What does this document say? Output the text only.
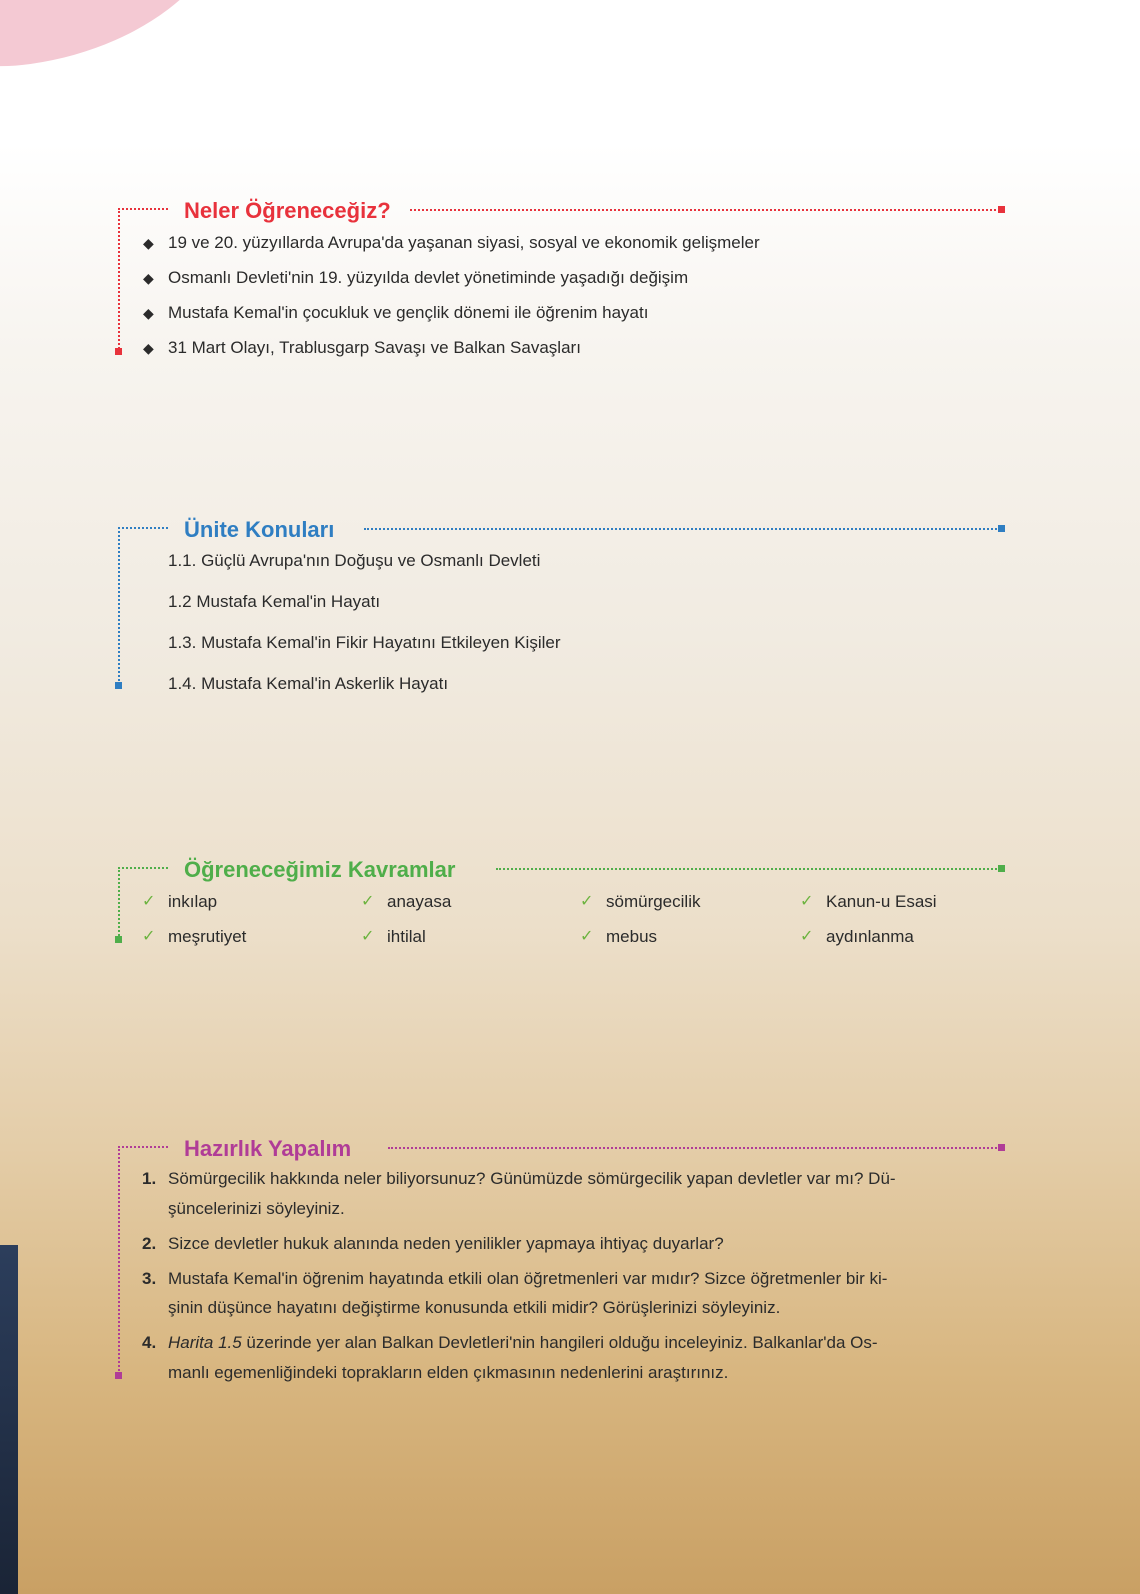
Neler Öğreneceğiz?
◆ 19 ve 20. yüzyıllarda Avrupa'da yaşanan siyasi, sosyal ve ekonomik gelişmeler

◆ Osmanlı Devleti'nin 19. yüzyılda devlet yönetiminde yaşadığı değişim

◆ Mustafa Kemal'in çocukluk ve gençlik dönemi ile öğrenim hayatı

◆ 31 Mart Olayı, Trablusgarp Savaşı ve Balkan Savaşları

Ünite Konuları

1.1. Güçlü Avrupa'nın Doğuşu ve Osmanlı Devleti

1.2 Mustafa Kemal'in Hayatı

1.3. Mustafa Kemal'in Fikir Hayatını Etkileyen Kişiler

1.4. Mustafa Kemal'in Askerlik Hayatı

Öğreneceğimiz Kavramlar
✓ inkılap	✓ anayasa	✓ sömürgecilik	✓ Kanun-u Esasi
✓ meşrutiyet	✓ ihtilal	✓ mebus	✓ aydınlanma
Hazırlık Yapalım
1. Sömürgecilik hakkında neler biliyorsunuz? Günümüzde sömürgecilik yapan devletler var mı? Dü-

şüncelerinizi söyleyiniz.

2. Sizce devletler hukuk alanında neden yenilikler yapmaya ihtiyaç duyarlar?

3. Mustafa Kemal'in öğrenim hayatında etkili olan öğretmenleri var mıdır? Sizce öğretmenler bir ki-

şinin düşünce hayatını değiştirme konusunda etkili midir? Görüşlerinizi söyleyiniz.

4. Harita 1.5 üzerinde yer alan Balkan Devletleri'nin hangileri olduğu inceleyiniz. Balkanlar'da Os-

manlı egemenliğindeki toprakların elden çıkmasının nedenlerini araştırınız.
